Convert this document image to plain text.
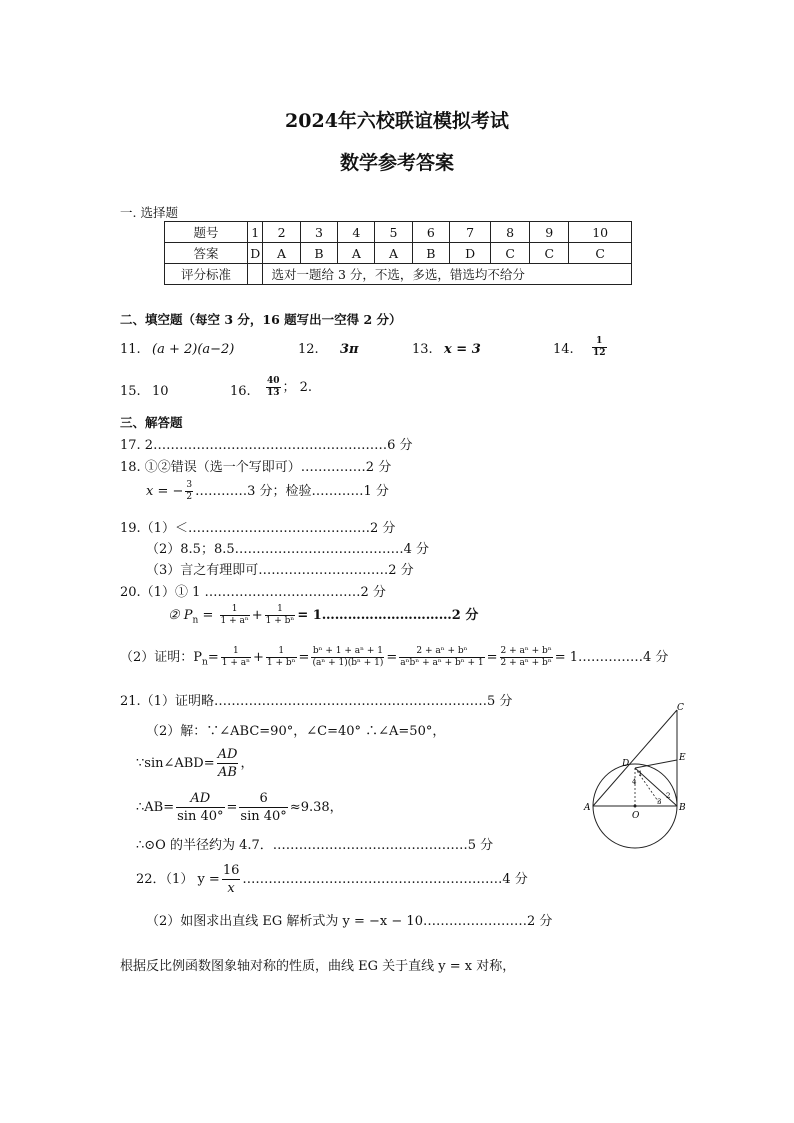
2024年六校联谊模拟考试
数学参考答案
一. 选择题
题号	1	2	3	4	5	6	7	8	9	10
答案	D	A	B	A	A	B	D	C	C	C
评分标准		选对一题给 3 分，不选，多选，错选均不给分								
二、填空题（每空 3 分，16 题写出一空得 2 分）
11. (a + 2)(a−2)	12. 3π	13. x = 3	14. $\frac{1}{12}$
15. 10	16. $\frac{40}{13}$ ； 2.
三、解答题
17. 2………………………………………………6 分
18. ①②错误（选一个写即可）……………2 分
x = − $\frac{3}{2}$ …………3 分；检验…………1 分
19.（1）＜……………………………………2 分
（2）8.5；8.5…………………………………4 分
（3）言之有理即可…………………………2 分
20.（1）① 1 ………………………………2 分
② $P_n = \frac{1}{\text{1 + aⁿ}} + \frac{1}{\text{1 + bⁿ}}$ = 1…………………………2 分
（2）证明：$P_n= \frac{1}{\text{1 + aⁿ}} + \frac{1}{\text{1 + bⁿ}} = \frac{\text{bⁿ + 1 + aⁿ + 1}}{\text{(aⁿ + 1)(bⁿ + 1)}} = \frac{\text{2 + aⁿ + bⁿ}}{\text{aⁿbⁿ + aⁿ + bⁿ + 1}} = \frac{\text{2 + aⁿ + bⁿ}}{\text{2 + aⁿ + bⁿ}}$ = 1……………4 分
21.（1）证明略………………………………………………………5 分
（2）解：∵∠ABC=90°，∠C=40° ∴∠A=50°，
∵sin∠ABD= $\frac{AD}{AB}$ ，
∴AB= $\frac{AD}{\sin 40^\circ} = \frac{6}{\sin 40^\circ} \approx 9.38$，
∴⊙O 的半径约为 4.7．………………………………………5 分
22．（1） $y = \frac{16}{x}$ ……………………………………………………4 分
（2）如图求出直线 EG 解析式为 y = −x − 10……………………2 分
根据反比例函数图象轴对称的性质，曲线 EG 关于直线 y = x 对称，
C
D
E
A
O
B
1
2
3
4
